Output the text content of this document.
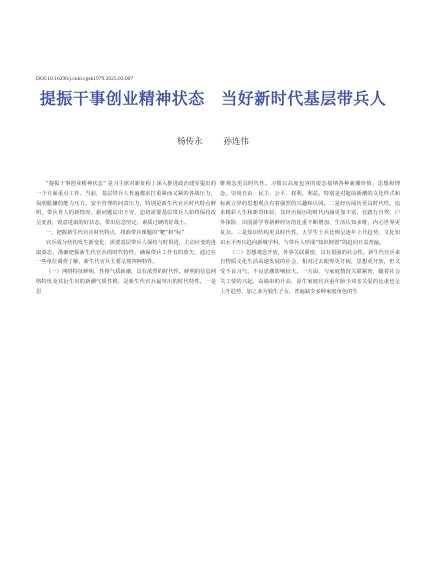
DOI:10.16296/j.cnki.cgsk1979.2025.03.007
提振干事创业精神状态　当好新时代基层带兵人
杨传永 孙连伟

“提振干事创业精神状态” 是习主席对新征程上深入推进政治建军提出的一个方面重点工作。当前，基层带兵人普遍都求扛重紧而又紧的各战压力，侃明肌嫌的能力压力。安全管理的问责压力，特别是新生代官兵时代特点鲜明，带兵育人的新情况、新问题层出不穷，迫切需要基层带兵人始终保持改呈变准，锐意进取的好状态，带出信念坚定、素质过硬的好战士。

一、把握新生代官兵时代特点，找准带兵课题的“靶”和“标”

官兵成分结构发生新变化，需要基层带兵人保持与时俱进，主动应变的进取姿态，准确把握新生代官兵的时代特性，确保带兵工作有的放矢，通过在一些单位调查了解，新生代官兵主要呈现四种特性。

（一）网络特征鲜明，性格气质新潮，具有浓烈的时代性。鲜明的信息网络特征及其衍生出的新潮气质性格，是新生代官兵最突出的时代特性。一是思

维观念更具时代性。习惯以高度包容的姿态接纳各种新潮价值、思想和理念，崇尚自由、民主、公平、权利、利益。特别是对超前新潮的文化样式和标新立异的思想观点有着强烈的兴趣和认同。二是经历阅历更具时代性。追求精彩人生和新奇体验，其经历阅历的时代内涵更加丰富，有踏行自驾、户外探险、出国游学等新鲜经历的比重不断增加，生活认知多维，内心世界更复杂。三是知识结构更具时代性。大学生士兵比例呈逐年上升趋势，文化知识水平再且趋向新城学科，与带兵人形成“知识倒置”的趋向日益普遍。

（二）思想观念开放，外界关联紧密，具有很强的社会性。新生代官兵来自物质文化生活高速发展的社会，相对过去眼界更开阔，思想更开放，但又受不良习气、不良思潮影响较大。一方面，与家庭情况关联紧密，随着社会关工要的兴起，高墙串的升高，原生家庭官兵重年龄少双亲关爱的比重也呈上升趋势，加之多为独生子女，普遍缺少多种家庭角色的生
